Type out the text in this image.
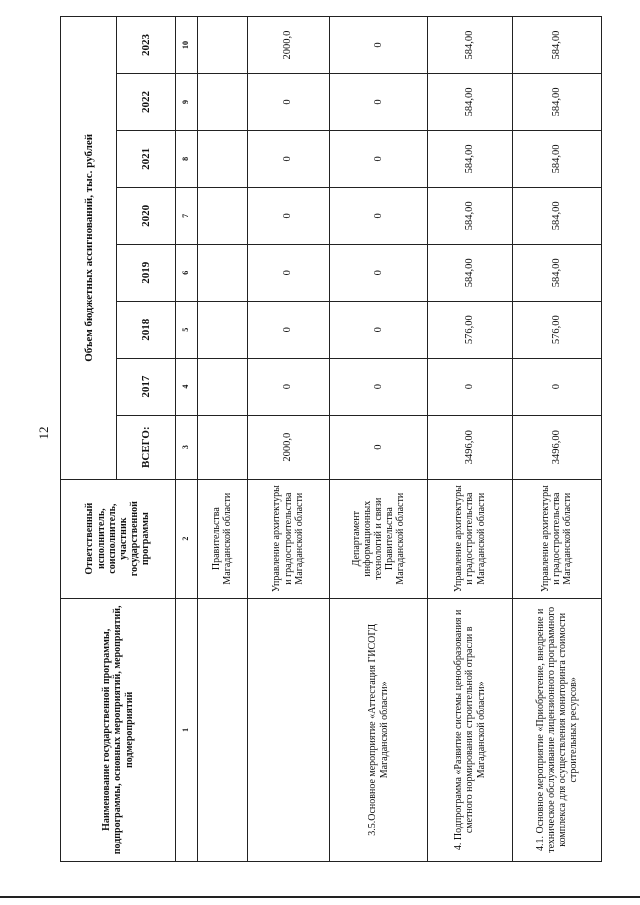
12
Наименование государственной программы, подпрограммы, основных мероприятий, мероприятий, подмероприятий	Ответственный исполнитель, соисполнитель, участник государственной программы	Объем бюджетных ассигнований, тыс. рублей							
		ВСЕГО:	2017	2018	2019	2020	2021	2022	2023
1	2	3	4	5	6	7	8	9	10
	Правительства Магаданской области								
	Управление архитектуры и градостроительства Магаданской области	2000,0	0	0	0	0	0	0	2000,0
3.5.Основное мероприятие «Аттестация ГИСОГД Магаданской области»	Департамент информационных технологий и связи Правительства Магаданской области	0	0	0	0	0	0	0	0
4. Подпрограмма «Развитие системы ценообразования и сметного нормирования строительной отрасли в Магаданской области»	Управление архитектуры и градостроительства Магаданской области	3496,00	0	576,00	584,00	584,00	584,00	584,00	584,00
4.1. Основное мероприятие «Приобретение, внедрение и техническое обслуживание лицензионного программного комплекса для осуществления мониторинга стоимости строительных ресурсов»	Управление архитектуры и градостроительства Магаданской области	3496,00	0	576,00	584,00	584,00	584,00	584,00	584,00
